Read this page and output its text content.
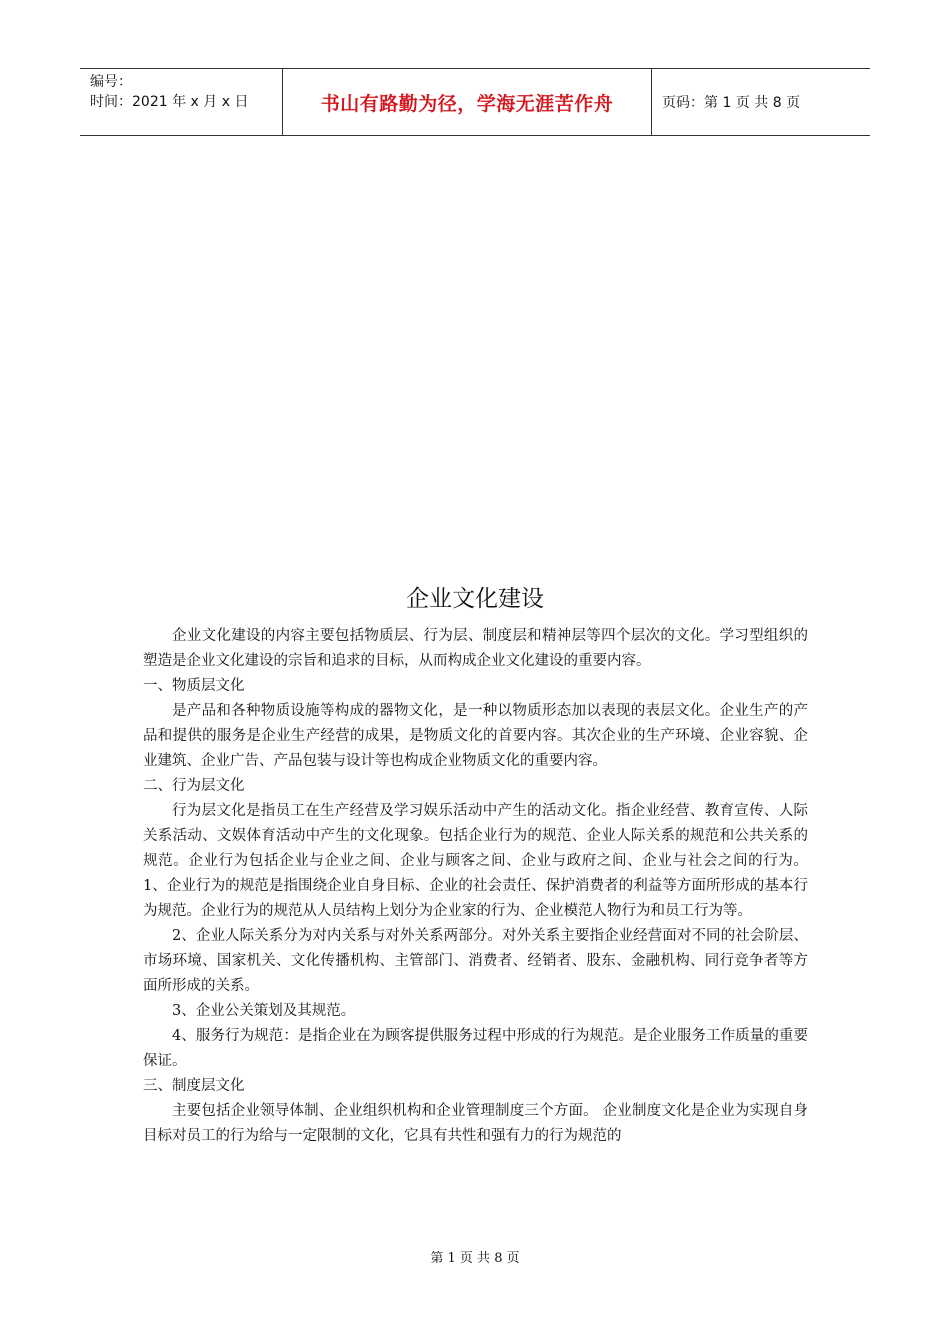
编号：
时间：2021 年 x 月 x 日	书山有路勤为径，学海无涯苦作舟	页码：第 1 页 共 8 页
企业文化建设

企业文化建设的内容主要包括物质层、行为层、制度层和精神层等四个层次的文化。学习型组织的塑造是企业文化建设的宗旨和追求的目标，从而构成企业文化建设的重要内容。

一、物质层文化

是产品和各种物质设施等构成的器物文化，是一种以物质形态加以表现的表层文化。企业生产的产品和提供的服务是企业生产经营的成果，是物质文化的首要内容。其次企业的生产环境、企业容貌、企业建筑、企业广告、产品包装与设计等也构成企业物质文化的重要内容。

二、行为层文化

行为层文化是指员工在生产经营及学习娱乐活动中产生的活动文化。指企业经营、教育宣传、人际关系活动、文娱体育活动中产生的文化现象。包括企业行为的规范、企业人际关系的规范和公共关系的规范。企业行为包括企业与企业之间、企业与顾客之间、企业与政府之间、企业与社会之间的行为。 1、企业行为的规范是指围绕企业自身目标、企业的社会责任、保护消费者的利益等方面所形成的基本行为规范。企业行为的规范从人员结构上划分为企业家的行为、企业模范人物行为和员工行为等。

2、企业人际关系分为对内关系与对外关系两部分。对外关系主要指企业经营面对不同的社会阶层、市场环境、国家机关、文化传播机构、主管部门、消费者、经销者、股东、金融机构、同行竞争者等方面所形成的关系。

3、企业公关策划及其规范。

4、服务行为规范：是指企业在为顾客提供服务过程中形成的行为规范。是企业服务工作质量的重要保证。

三、制度层文化

主要包括企业领导体制、企业组织机构和企业管理制度三个方面。 企业制度文化是企业为实现自身目标对员工的行为给与一定限制的文化，它具有共性和强有力的行为规范的

第 1 页 共 8 页
